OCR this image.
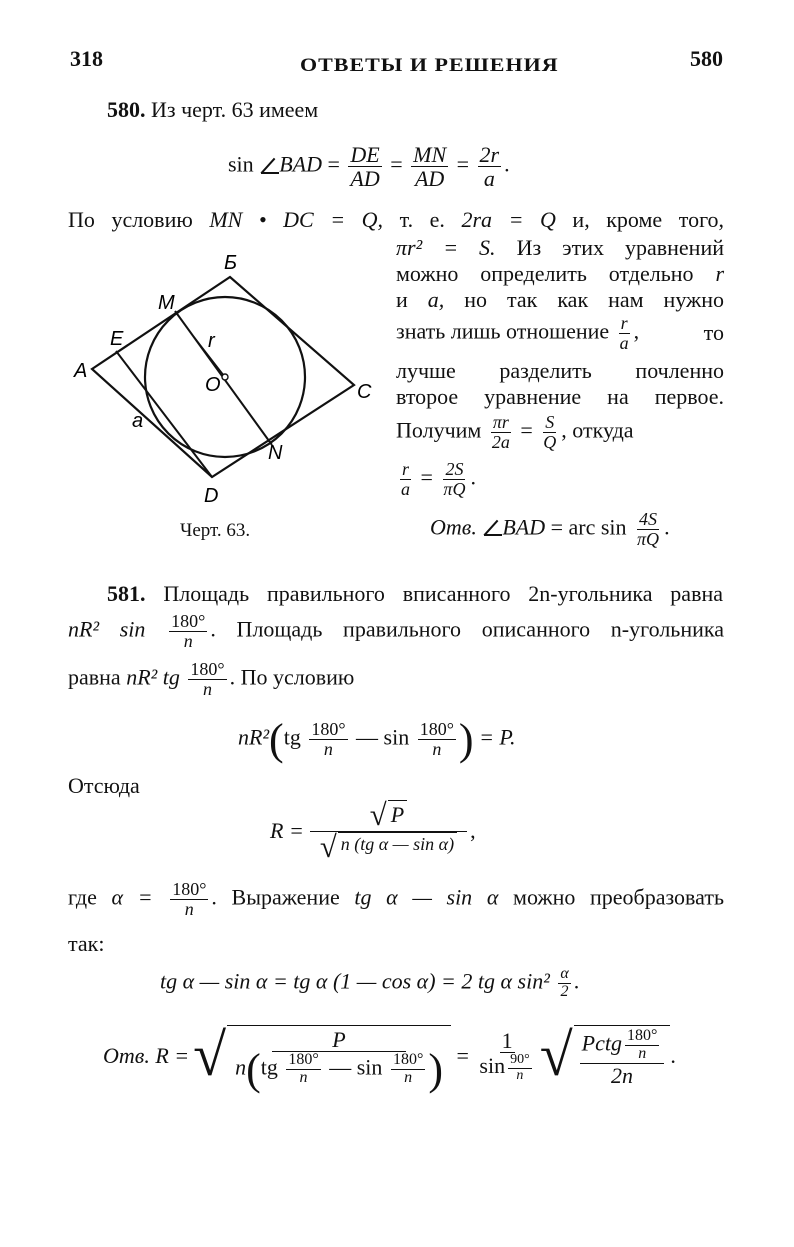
318	ОТВЕТЫ И РЕШЕНИЯ	580
580. Из черт. 63 имеем
sin BAD = $\frac{DE}{AD} = \frac{MN}{AD} = \frac{2r}{a}$ .
По условию MN • DC = Q, т. е. 2ra = Q и, кроме того,
πr² = S. Из этих уравнений
можно определить отдельно r
и a, но так как нам нужно
знать лишь отношение $\frac{r}{a}$ ,	то
лучше разделить почленно
второе уравнение на первое.
Получим $\frac{\pi r}{2a} = \frac{S}{Q}$ , откуда
$\frac{r}{a} = \frac{2S}{\pi Q}$ .
Черт. 63.	Отв. BAD = arc $\sin \frac{4S}{\pi Q}$ .
A
Б
C
D
E
M
N
O
r
a
581. Площадь правильного вписанного 2n-угольника равна
nR² $\sin \frac{180^\circ}{n}$ . Площадь правильного описанного n-угольника
равна nR² tg $\frac{180^\circ}{n}$ . По условию
$nR^2(tg \frac{180^\circ}{n}$ — $\sin \frac{180^\circ}{n}$ ) = P.
Отсюда
$R = \frac{√ P}{\text{√ n (tg α — sin α)}}$ ,
где $\alpha = \frac{180^\circ}{n}$ . Выражение tg α — sin α можно преобразовать
так:
tg α — sin α = tg α (1 — cos α) = 2 tg α $\sin^2 \frac{\alpha}{2}$ .
Отв.
R = √ $\frac{P}{n(tg \frac{180^\circ}{n} — \sin \frac{180^\circ}{n} )} = \frac{1}{\sin \frac{90^\circ}{n}}$ √ $\frac{Pctg \frac{180^\circ}{n}}{2n}$ .
